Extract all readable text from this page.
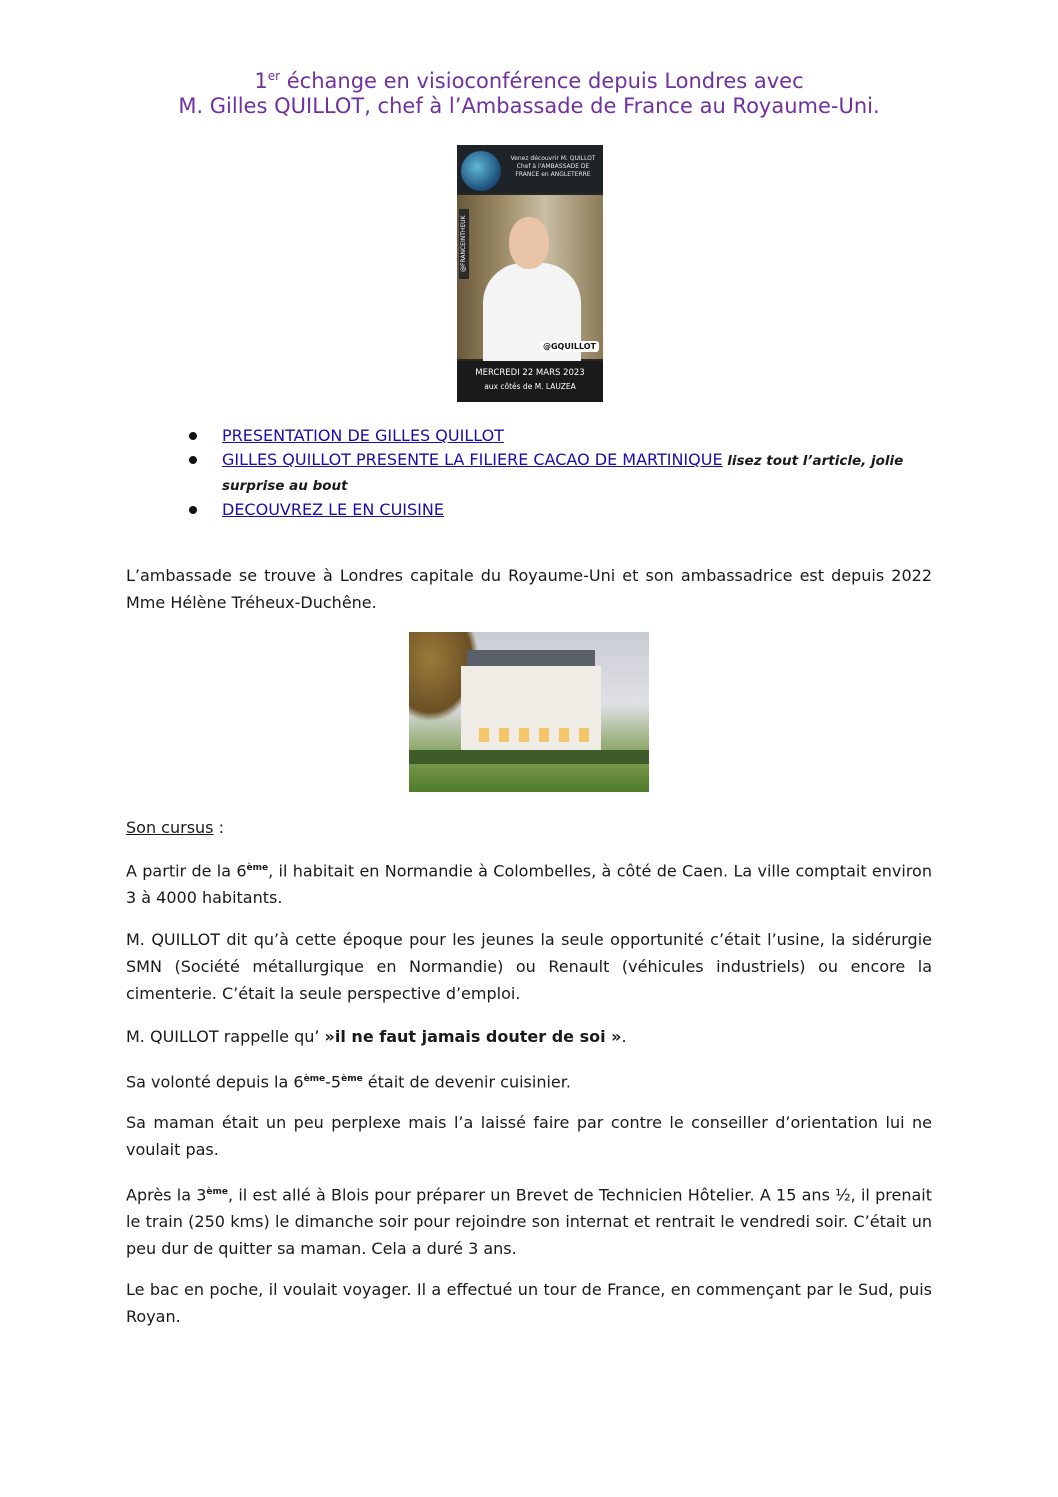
1er échange en visioconférence depuis Londres avec
M. Gilles QUILLOT, chef à l’Ambassade de France au Royaume-Uni.
Venez découvrir M. QUILLOT Chef à l'AMBASSADE DE FRANCE en ANGLETERRE
@FRANCEINTHEUK
@GQUILLOT
MERCREDI 22 MARS 2023
aux côtés de M. LAUZEA
PRESENTATION DE GILLES QUILLOT
GILLES QUILLOT PRESENTE LA FILIERE CACAO DE MARTINIQUE lisez tout l’article, jolie surprise au bout
DECOUVREZ LE EN CUISINE
L’ambassade se trouve à Londres capitale du Royaume-Uni et son ambassadrice est depuis 2022 Mme Hélène Tréheux-Duchêne.
Son cursus :
A partir de la 6ème, il habitait en Normandie à Colombelles, à côté de Caen. La ville comptait environ 3 à 4000 habitants.
M. QUILLOT dit qu’à cette époque pour les jeunes la seule opportunité c’était l’usine, la sidérurgie SMN (Société métallurgique en Normandie) ou Renault (véhicules industriels) ou encore la cimenterie. C’était la seule perspective d’emploi.
M. QUILLOT rappelle qu’ »il ne faut jamais douter de soi ».
Sa volonté depuis la 6ème-5ème était de devenir cuisinier.
Sa maman était un peu perplexe mais l’a laissé faire par contre le conseiller d’orientation lui ne voulait pas.
Après la 3ème, il est allé à Blois pour préparer un Brevet de Technicien Hôtelier. A 15 ans ½, il prenait le train (250 kms) le dimanche soir pour rejoindre son internat et rentrait le vendredi soir. C’était un peu dur de quitter sa maman. Cela a duré 3 ans.
Le bac en poche, il voulait voyager. Il a effectué un tour de France, en commençant par le Sud, puis Royan.
